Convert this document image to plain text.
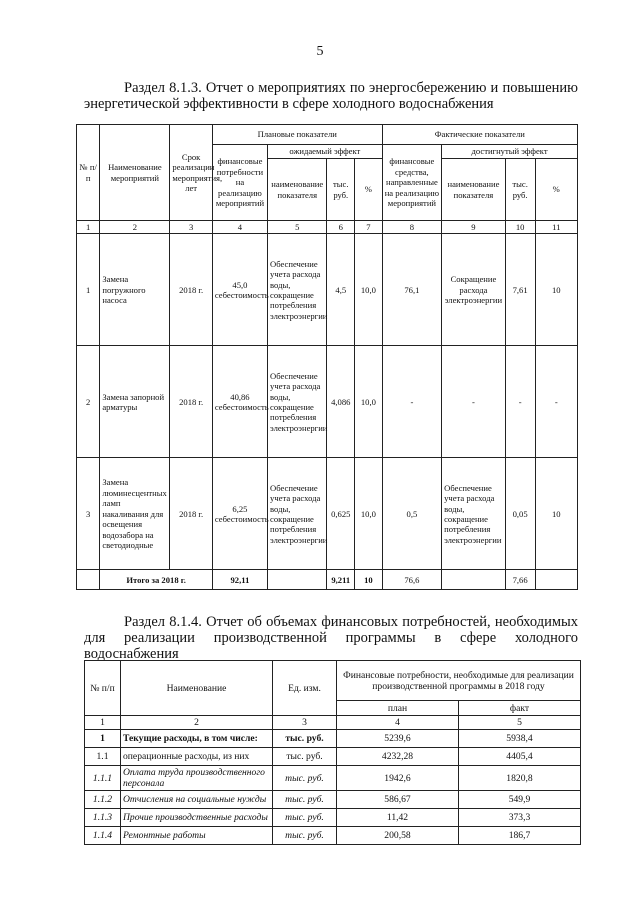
5
Раздел 8.1.3. Отчет о мероприятиях по энергосбережению и повышению энергетической эффективности в сфере холодного водоснабжения
№ п/п	Наименование мероприятий	Срок реализации мероприятия, лет	Плановые показатели				Фактические показатели			
			финансовые потребности на реализацию мероприятий	ожидаемый эффект			финансовые средства, направленные на реализацию мероприятий	достигнутый эффект		
				наименование показателя	тыс. руб.	%		наименование показателя	тыс. руб.	%
1	2	3	4	5	6	7	8	9	10	11
1	Замена погружного насоса	2018 г.	45,0 себестоимость	Обеспечение учета расхода воды, сокращение потребления электроэнергии	4,5	10,0	76,1	Сокращение расхода электроэнергии	7,61	10
2	Замена запорной арматуры	2018 г.	40,86 себестоимость	Обеспечение учета расхода воды, сокращение потребления электроэнергии	4,086	10,0	-	-	-	-
3	Замена люминесцентных ламп накаливания для освещения водозабора на светодиодные	2018 г.	6,25 себестоимость	Обеспечение учета расхода воды, сокращение потребления электроэнергии	0,625	10,0	0,5	Обеспечение учета расхода воды, сокращение потребления электроэнергии	0,05	10
	Итого за 2018 г.		92,11		9,211	10	76,6		7,66	
Раздел 8.1.4. Отчет об объемах финансовых потребностей, необходимых для реализации производственной программы в сфере холодного водоснабжения
№ п/п	Наименование	Ед. изм.	Финансовые потребности, необходимые для реализации производственной программы в 2018 году	
			план	факт
1	2	3	4	5
1	Текущие расходы, в том числе:	тыс. руб.	5239,6	5938,4
1.1	операционные расходы, из них	тыс. руб.	4232,28	4405,4
1.1.1	Оплата труда производственного персонала	тыс. руб.	1942,6	1820,8
1.1.2	Отчисления на социальные нужды	тыс. руб.	586,67	549,9
1.1.3	Прочие производственные расходы	тыс. руб.	11,42	373,3
1.1.4	Ремонтные работы	тыс. руб.	200,58	186,7
